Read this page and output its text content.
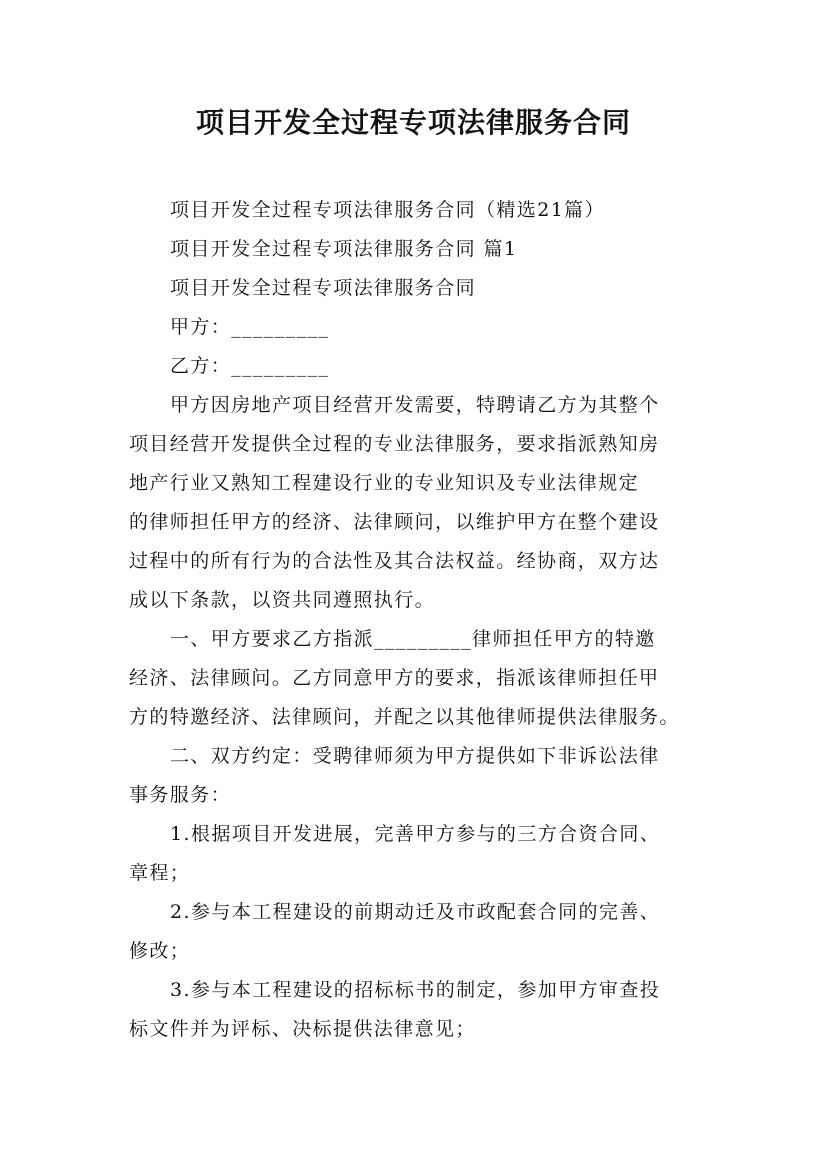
项目开发全过程专项法律服务合同
项目开发全过程专项法律服务合同（精选21篇）
项目开发全过程专项法律服务合同 篇1
项目开发全过程专项法律服务合同
甲方：_________
乙方：_________
甲方因房地产项目经营开发需要，特聘请乙方为其整个
项目经营开发提供全过程的专业法律服务，要求指派熟知房
地产行业又熟知工程建设行业的专业知识及专业法律规定
的律师担任甲方的经济、法律顾问，以维护甲方在整个建设
过程中的所有行为的合法性及其合法权益。经协商，双方达
成以下条款，以资共同遵照执行。
一、甲方要求乙方指派_________律师担任甲方的特邀
经济、法律顾问。乙方同意甲方的要求，指派该律师担任甲
方的特邀经济、法律顾问，并配之以其他律师提供法律服务。
二、双方约定：受聘律师须为甲方提供如下非诉讼法律
事务服务：
1.根据项目开发进展，完善甲方参与的三方合资合同、
章程；
2.参与本工程建设的前期动迁及市政配套合同的完善、
修改；
3.参与本工程建设的招标标书的制定，参加甲方审查投
标文件并为评标、决标提供法律意见；
